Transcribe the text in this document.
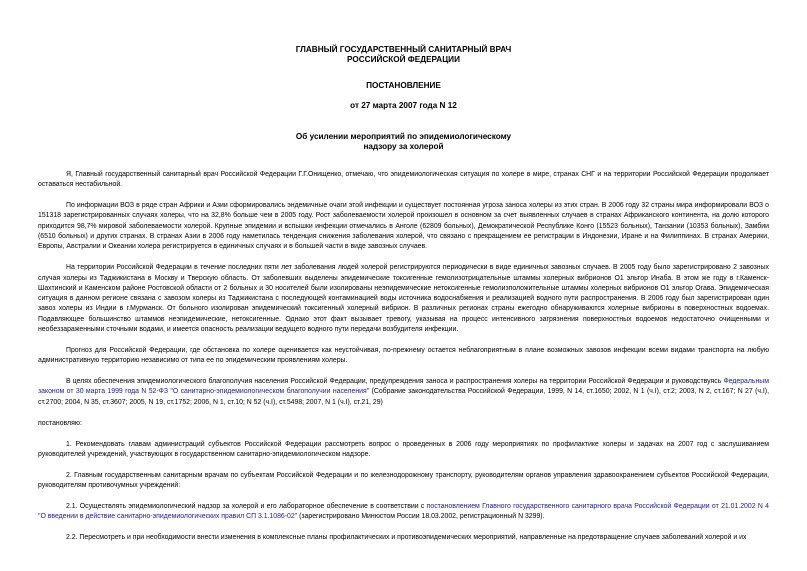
ГЛАВНЫЙ ГОСУДАРСТВЕННЫЙ САНИТАРНЫЙ ВРАЧ
РОССИЙСКОЙ ФЕДЕРАЦИИ
ПОСТАНОВЛЕНИЕ
от 27 марта 2007 года N 12
Об усилении мероприятий по эпидемиологическому
надзору за холерой

Я, Главный государственный санитарный врач Российской Федерации Г.Г.Онищенко, отмечаю, что эпидемиологическая ситуация по холере в мире, странах СНГ и на территории Российской Федерации продолжает оставаться нестабильной.

По информации ВОЗ в ряде стран Африки и Азии сформировались эндемичные очаги этой инфекции и существует постоянная угроза заноса холеры из этих стран. В 2006 году 32 страны мира информировали ВОЗ о 151318 зарегистрированных случаях холеры, что на 32,8% больше чем в 2005 году. Рост заболеваемости холерой произошел в основном за счет выявленных случаев в странах Африканского континента, на долю которого приходится 98,7% мировой заболеваемости холерой. Крупные эпидемии и вспышки инфекции отмечались в Анголе (62809 больных), Демократической Республике Конго (15523 больных), Танзании (10353 больных), Замбии (6510 больных) и других странах. В странах Азии в 2006 году наметилась тенденция снижения заболевания холерой, что связано с прекращением ее регистрации в Индонезии, Иране и на Филиппинах. В странах Америки, Европы, Австралии и Океании холера регистрируется в единичных случаях и в большей части в виде завозных случаев.

На территории Российской Федерации в течение последних пяти лет заболевания людей холерой регистрируются периодически в виде единичных завозных случаев. В 2005 году было зарегистрировано 2 завозных случая холеры из Таджикистана в Москву и Тверскую область. От заболевших выделены эпидемические токсигенные гемолизотрицательные штаммы холерных вибрионов О1 эльтор Инаба. В этом же году в г.Каменск-Шахтинский и Каменском районе Ростовской области от 2 больных и 30 носителей были изолированы неэпидемические нетоксигенные гемолизположительные штаммы холерных вибрионов О1 эльтор Огава. Эпидемическая ситуация в данном регионе связана с завозом холеры из Таджикистана с последующей контаминацией воды источника водоснабжения и реализацией водного пути распространения. В 2006 году был зарегистрирован один завоз холеры из Индии в г.Мурманск. От больного изолирован эпидемический токсигенный холерный вибрион. В различных регионах страны ежегодно обнаруживаются холерные вибрионы в поверхностных водоемах. Подавляющее большинство штаммов неэпидемические, нетоксигенные. Однако этот факт вызывает тревогу, указывая на процесс интенсивного загрязнения поверхностных водоемов недостаточно очищенными и необеззараженными сточными водами, и имеется опасность реализации ведущего водного пути передачи возбудителя инфекции.

Прогноз для Российской Федерации, где обстановка по холере оценивается как неустойчивая, по-прежнему остается неблагоприятным в плане возможных завозов инфекции всеми видами транспорта на любую административную территорию независимо от типа ее по эпидемическим проявлениям холеры.

В целях обеспечения эпидемиологического благополучия населения Российской Федерации, предупреждения заноса и распространения холеры на территории Российской Федерации и руководствуясь Федеральным законом от 30 марта 1999 года N 52-ФЗ "О санитарно-эпидемиологическом благополучии населения" (Собрание законодательства Российской Федерации, 1999, N 14, ст.1650; 2002, N 1 (ч.I), ст.2; 2003, N 2, ст.167; N 27 (ч.I), ст.2700; 2004, N 35, ст.3607; 2005, N 19, ст.1752; 2006, N 1, ст.10; N 52 (ч.I), ст.5498; 2007, N 1 (ч.I), ст.21, 29)

постановляю:

1. Рекомендовать главам администраций субъектов Российской Федерации рассмотреть вопрос о проведенных в 2006 году мероприятиях по профилактике холеры и задачах на 2007 год с заслушиванием руководителей учреждений, участвующих в государственном санитарно-эпидемиологическом надзоре.

2. Главным государственным санитарным врачам по субъектам Российской Федерации и по железнодорожному транспорту, руководителям органов управления здравоохранением субъектов Российской Федерации, руководителям противочумных учреждений:

2.1. Осуществлять эпидемиологический надзор за холерой и его лабораторное обеспечение в соответствии с постановлением Главного государственного санитарного врача Российской Федерации от 21.01.2002 N 4 "О введении в действие санитарно-эпидемиологических правил СП 3.1.1086-02" (зарегистрировано Минюстом России 18.03.2002, регистрационный N 3299).

2.2. Пересмотреть и при необходимости внести изменения в комплексные планы профилактических и противоэпидемических мероприятий, направленные на предотвращение случаев заболеваний холерой и их
